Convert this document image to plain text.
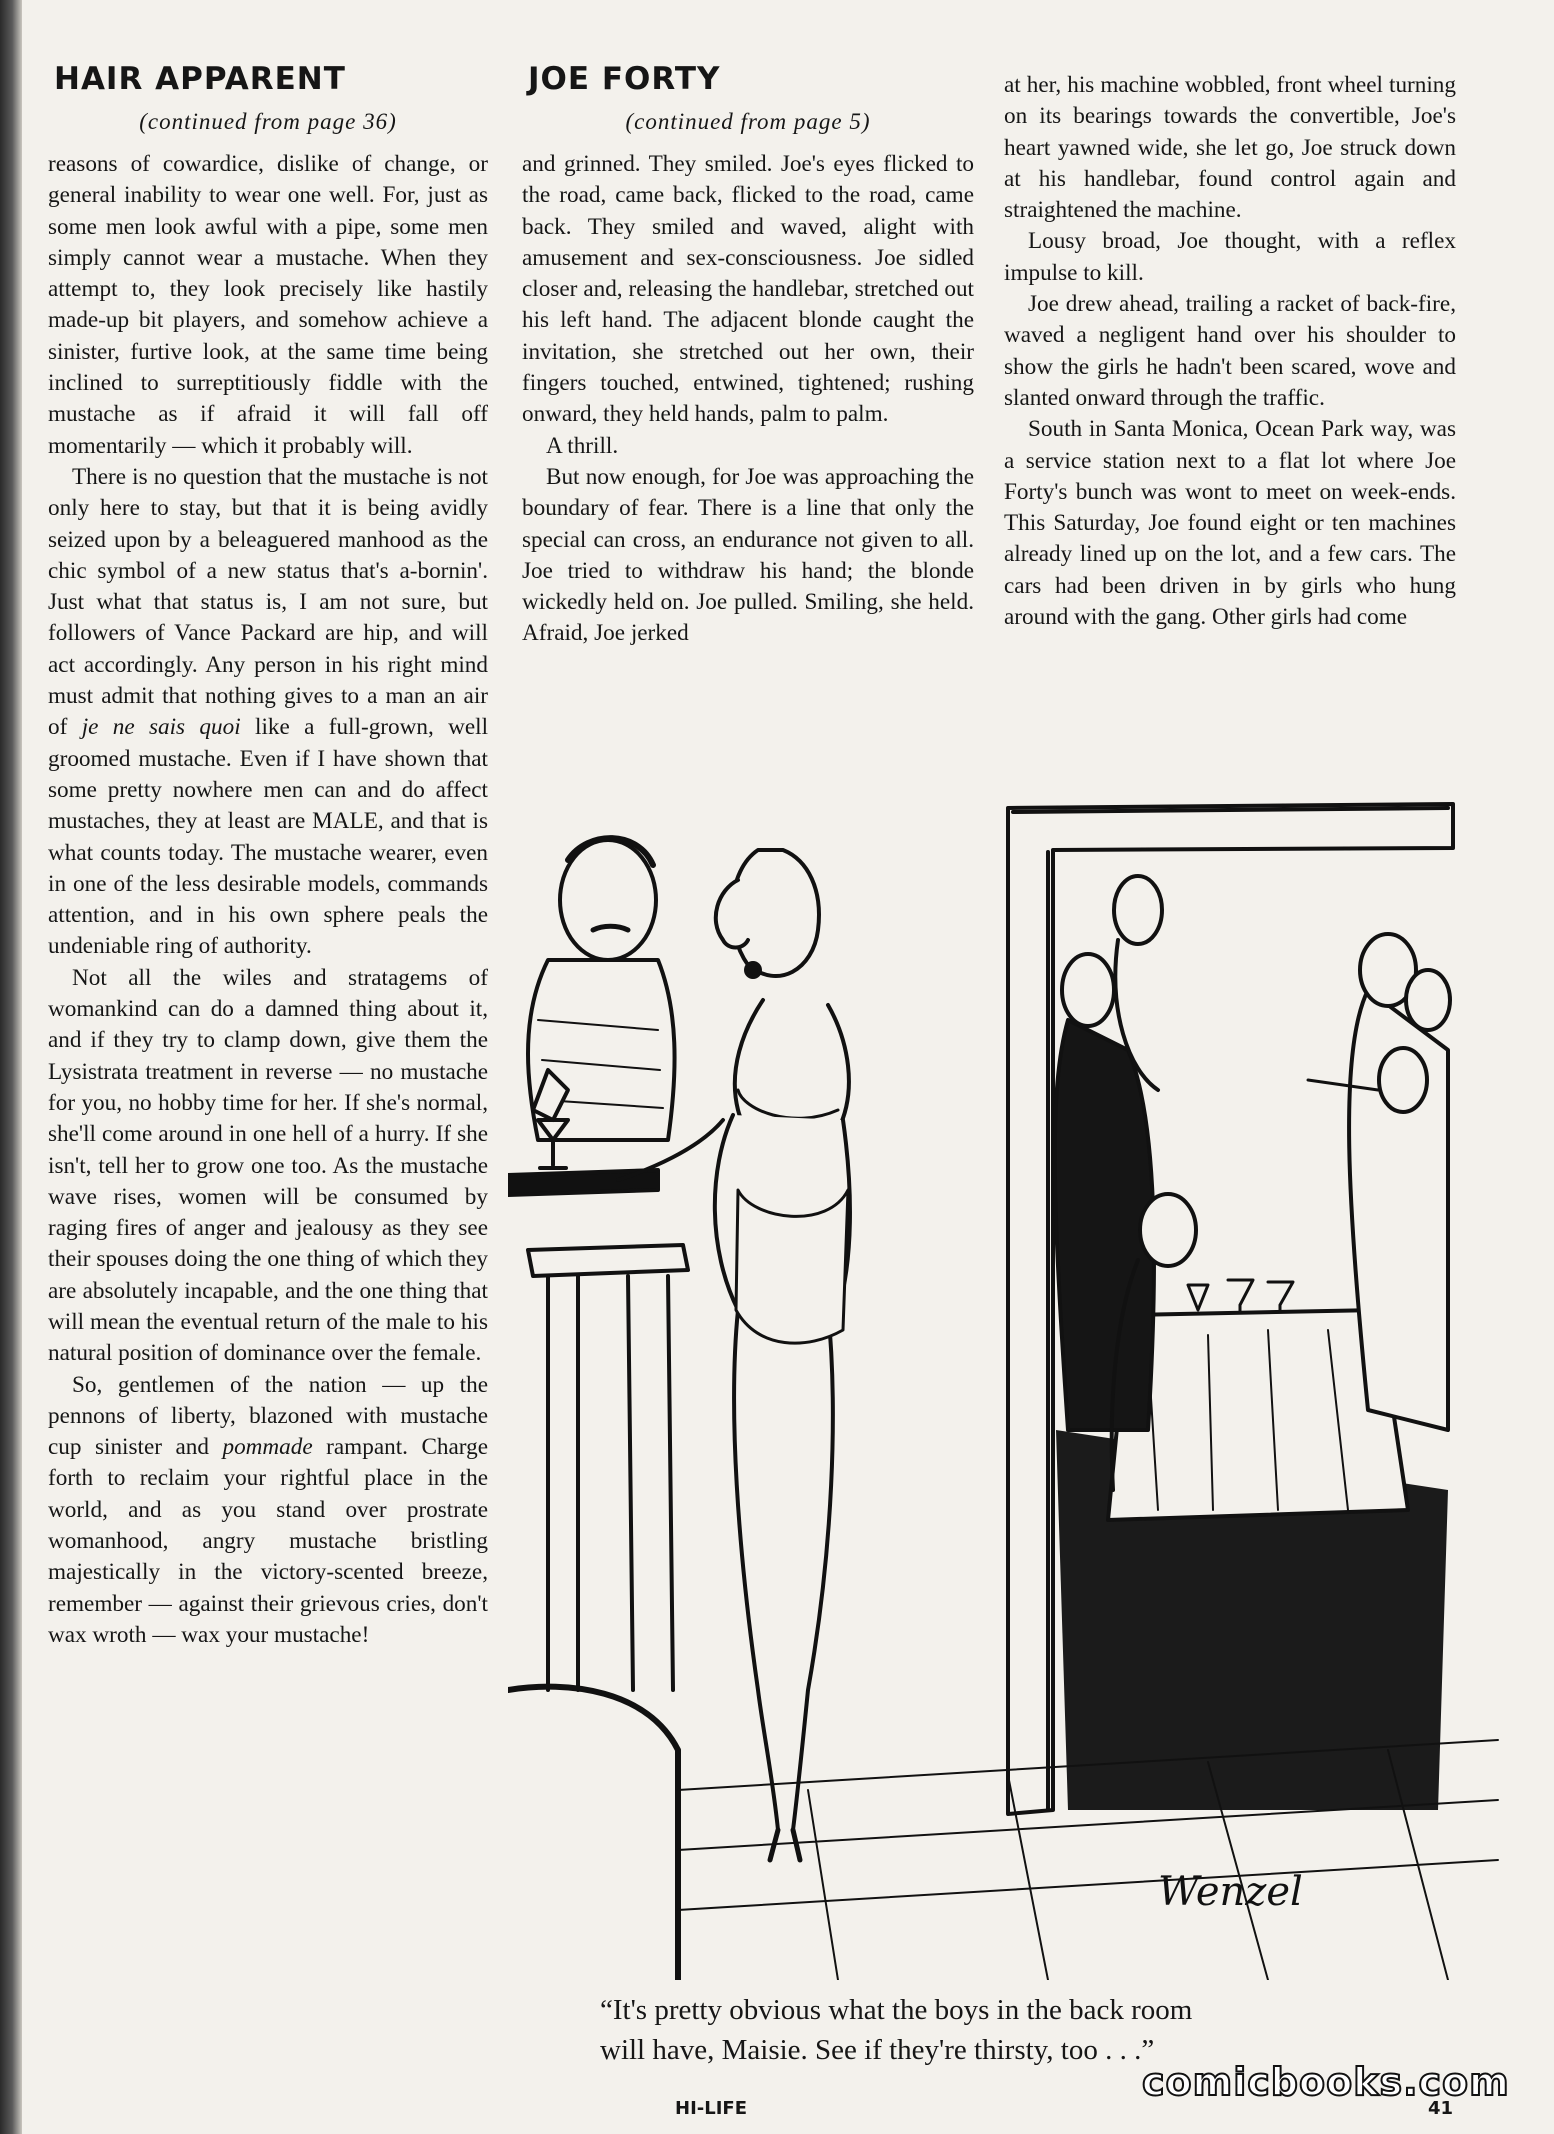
HAIR APPARENT
(continued from page 36)

reasons of cowardice, dislike of change, or general inability to wear one well. For, just as some men look awful with a pipe, some men simply cannot wear a mustache. When they attempt to, they look precisely like hastily made-up bit players, and somehow achieve a sinister, furtive look, at the same time being inclined to surreptitiously fiddle with the mustache as if afraid it will fall off momentarily — which it probably will.

There is no question that the mustache is not only here to stay, but that it is being avidly seized upon by a beleaguered manhood as the chic symbol of a new status that's a-bornin'. Just what that status is, I am not sure, but followers of Vance Packard are hip, and will act accordingly. Any person in his right mind must admit that nothing gives to a man an air of je ne sais quoi like a full-grown, well groomed mustache. Even if I have shown that some pretty nowhere men can and do affect mustaches, they at least are MALE, and that is what counts today. The mustache wearer, even in one of the less desirable models, commands attention, and in his own sphere peals the undeniable ring of authority.

Not all the wiles and stratagems of womankind can do a damned thing about it, and if they try to clamp down, give them the Lysistrata treatment in reverse — no mustache for you, no hobby time for her. If she's normal, she'll come around in one hell of a hurry. If she isn't, tell her to grow one too. As the mustache wave rises, women will be consumed by raging fires of anger and jealousy as they see their spouses doing the one thing of which they are absolutely incapable, and the one thing that will mean the eventual return of the male to his natural position of dominance over the female.

So, gentlemen of the nation — up the pennons of liberty, blazoned with mustache cup sinister and pommade rampant. Charge forth to reclaim your rightful place in the world, and as you stand over prostrate womanhood, angry mustache bristling majestically in the victory-scented breeze, remember — against their grievous cries, don't wax wroth — wax your mustache!

JOE FORTY
(continued from page 5)

and grinned. They smiled. Joe's eyes flicked to the road, came back, flicked to the road, came back. They smiled and waved, alight with amusement and sex-consciousness. Joe sidled closer and, releasing the handlebar, stretched out his left hand. The adjacent blonde caught the invitation, she stretched out her own, their fingers touched, entwined, tightened; rushing onward, they held hands, palm to palm.

A thrill.

But now enough, for Joe was approaching the boundary of fear. There is a line that only the special can cross, an endurance not given to all. Joe tried to withdraw his hand; the blonde wickedly held on. Joe pulled. Smiling, she held. Afraid, Joe jerked

at her, his machine wobbled, front wheel turning on its bearings towards the convertible, Joe's heart yawned wide, she let go, Joe struck down at his handlebar, found control again and straightened the machine.

Lousy broad, Joe thought, with a reflex impulse to kill.

Joe drew ahead, trailing a racket of back-fire, waved a negligent hand over his shoulder to show the girls he hadn't been scared, wove and slanted onward through the traffic.

South in Santa Monica, Ocean Park way, was a service station next to a flat lot where Joe Forty's bunch was wont to meet on week-ends. This Saturday, Joe found eight or ten machines already lined up on the lot, and a few cars. The cars had been driven in by girls who hung around with the gang. Other girls had come

Wenzel
“It's pretty obvious what the boys in the back room
will have, Maisie. See if they're thirsty, too . . .”
HI-LIFE	41
comicbooks.com
